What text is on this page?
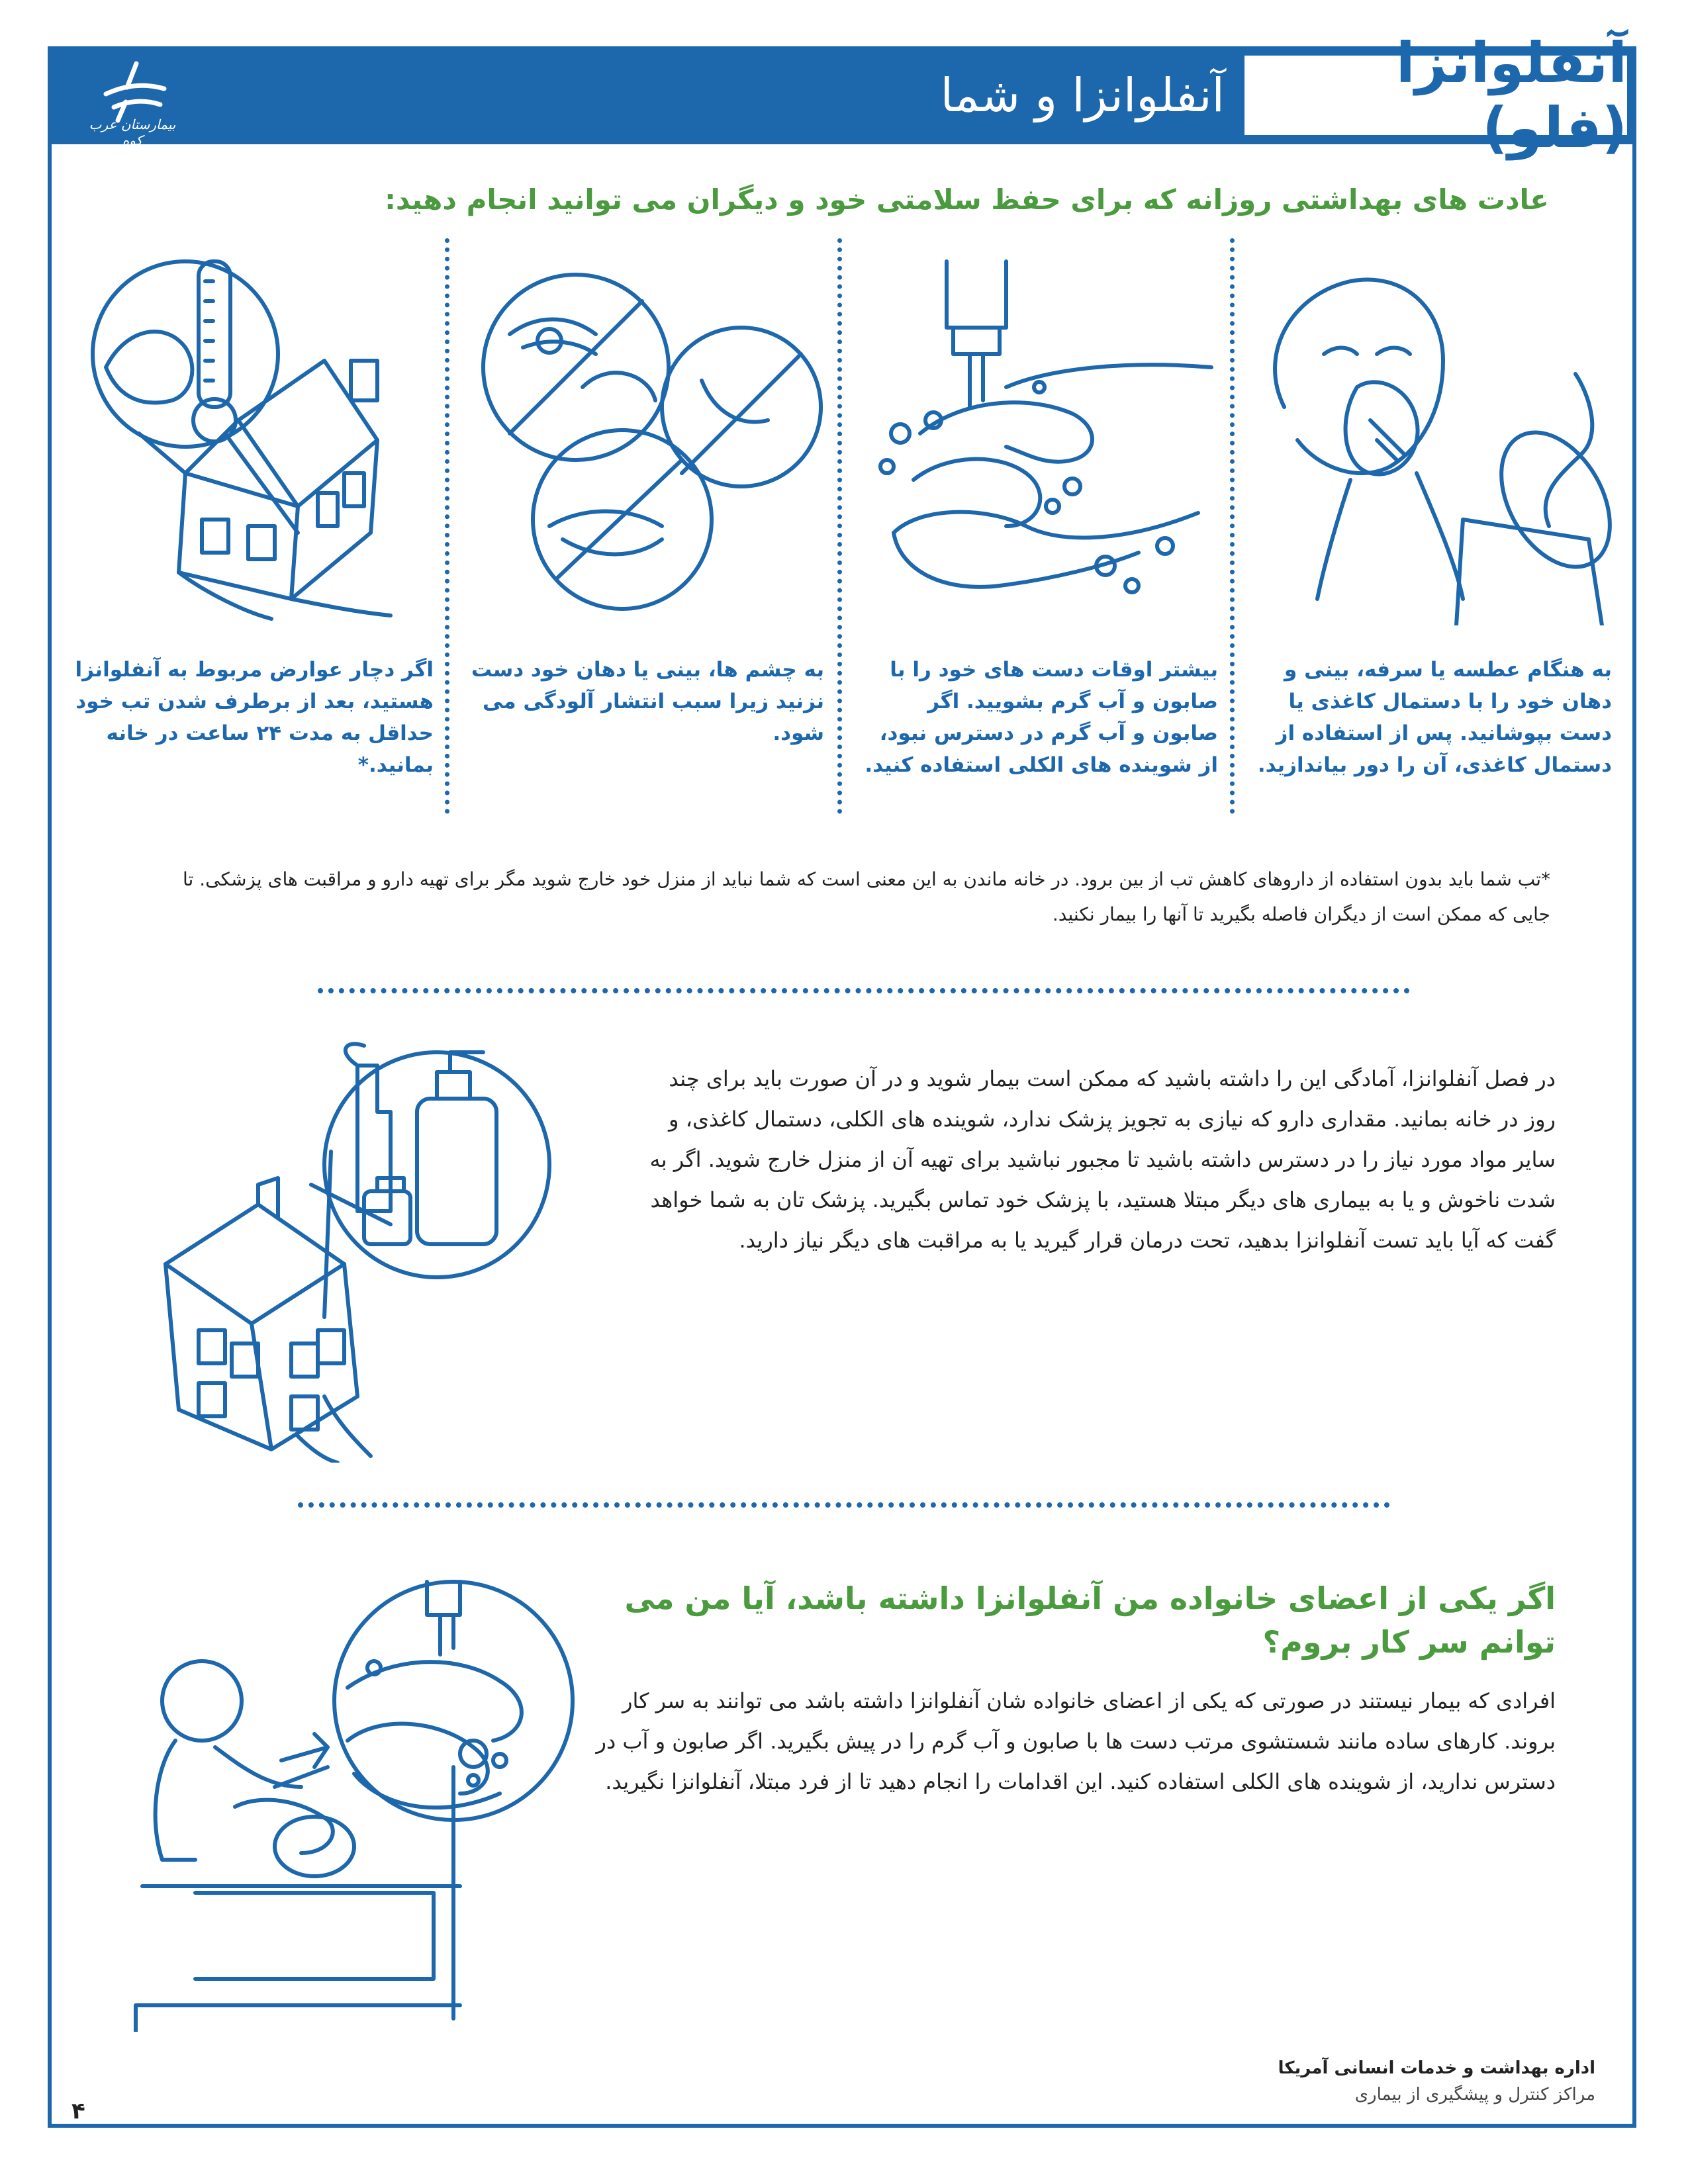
آنفلوانزا (فلو)
آنفلوانزا و شما
بیمارستان عرب کوه
عادت های بهداشتی روزانه که برای حفظ سلامتی خود و دیگران می توانید انجام دهید:
به هنگام عطسه یا سرفه، بینی و دهان خود را با دستمال کاغذی یا دست بپوشانید. پس از استفاده از دستمال کاغذی، آن را دور بیاندازید.
بیشتر اوقات دست های خود را با صابون و آب گرم بشویید. اگر صابون و آب گرم در دسترس نبود، از شوینده های الکلی استفاده کنید.
به چشم ها، بینی یا دهان خود دست نزنید زیرا سبب انتشار آلودگی می شود.
اگر دچار عوارض مربوط به آنفلوانزا هستید، بعد از برطرف شدن تب خود حداقل به مدت ۲۴ ساعت در خانه بمانید.*
*تب شما باید بدون استفاده از داروهای کاهش تب از بین برود. در خانه ماندن به این معنی است که شما نباید از منزل خود خارج شوید مگر برای تهیه دارو و مراقبت های پزشکی. تا جایی که ممکن است از دیگران فاصله بگیرید تا آنها را بیمار نکنید.
در فصل آنفلوانزا، آمادگی این را داشته باشید که ممکن است بیمار شوید و در آن صورت باید برای چند روز در خانه بمانید. مقداری دارو که نیازی به تجویز پزشک ندارد، شوینده های الکلی، دستمال کاغذی، و سایر مواد مورد نیاز را در دسترس داشته باشید تا مجبور نباشید برای تهیه آن از منزل خارج شوید. اگر به شدت ناخوش و یا به بیماری های دیگر مبتلا هستید، با پزشک خود تماس بگیرید. پزشک تان به شما خواهد گفت که آیا باید تست آنفلوانزا بدهید، تحت درمان قرار گیرید یا به مراقبت های دیگر نیاز دارید.
اگر یکی از اعضای خانواده من آنفلوانزا داشته باشد، آیا من می توانم سر کار بروم؟
افرادی که بیمار نیستند در صورتی که یکی از اعضای خانواده شان آنفلوانزا داشته باشد می توانند به سر کار بروند. کارهای ساده مانند شستشوی مرتب دست ها با صابون و آب گرم را در پیش بگیرید. اگر صابون و آب در دسترس ندارید، از شوینده های الکلی استفاده کنید. این اقدامات را انجام دهید تا از فرد مبتلا، آنفلوانزا نگیرید.
۴
اداره بهداشت و خدمات انسانی آمریکا
مراکز کنترل و پیشگیری از بیماری
